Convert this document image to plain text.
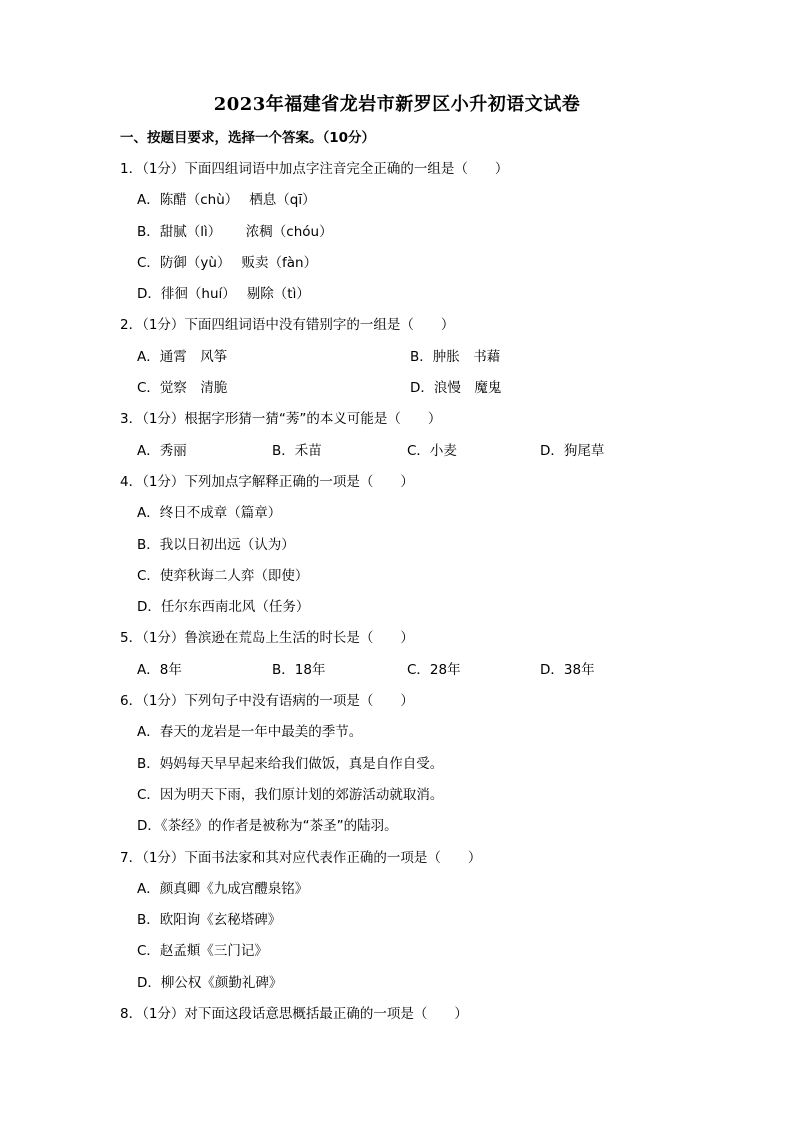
2023年福建省龙岩市新罗区小升初语文试卷
一、按题目要求，选择一个答案。（10分）
1．（1分）下面四组词语中加点字注音完全正确的一组是（　　）
A．陈醋（chù）　 栖息（qī）
B．甜腻（lì）　　 浓稠（chóu）
C．防御（yù）　 贩卖（fàn）
D．徘徊（huí）　 剔除（tì）
2．（1分）下面四组词语中没有错别字的一组是（　　）
A．通霄　风筝	B．肿胀　书藉
C．觉察　清脆	D．浪慢　魔鬼
3．（1分）根据字形猜一猜“莠”的本义可能是（　　）
A．秀丽	B．禾苗	C．小麦	D．狗尾草
4．（1分）下列加点字解释正确的一项是（　　）
A．终日不成章（篇章）
B．我以日初出远（认为）
C．使弈秋诲二人弈（即使）
D．任尔东西南北风（任务）
5．（1分）鲁滨逊在荒岛上生活的时长是（　　）
A．8年	B．18年	C．28年	D．38年
6．（1分）下列句子中没有语病的一项是（　　）
A．春天的龙岩是一年中最美的季节。
B．妈妈每天早早起来给我们做饭，真是自作自受。
C．因为明天下雨，我们原计划的郊游活动就取消。
D．《茶经》的作者是被称为“茶圣”的陆羽。
7．（1分）下面书法家和其对应代表作正确的一项是（　　）
A．颜真卿《九成宫醴泉铭》
B．欧阳询《玄秘塔碑》
C．赵孟頫《三门记》
D．柳公权《颜勤礼碑》
8．（1分）对下面这段话意思概括最正确的一项是（　　）
